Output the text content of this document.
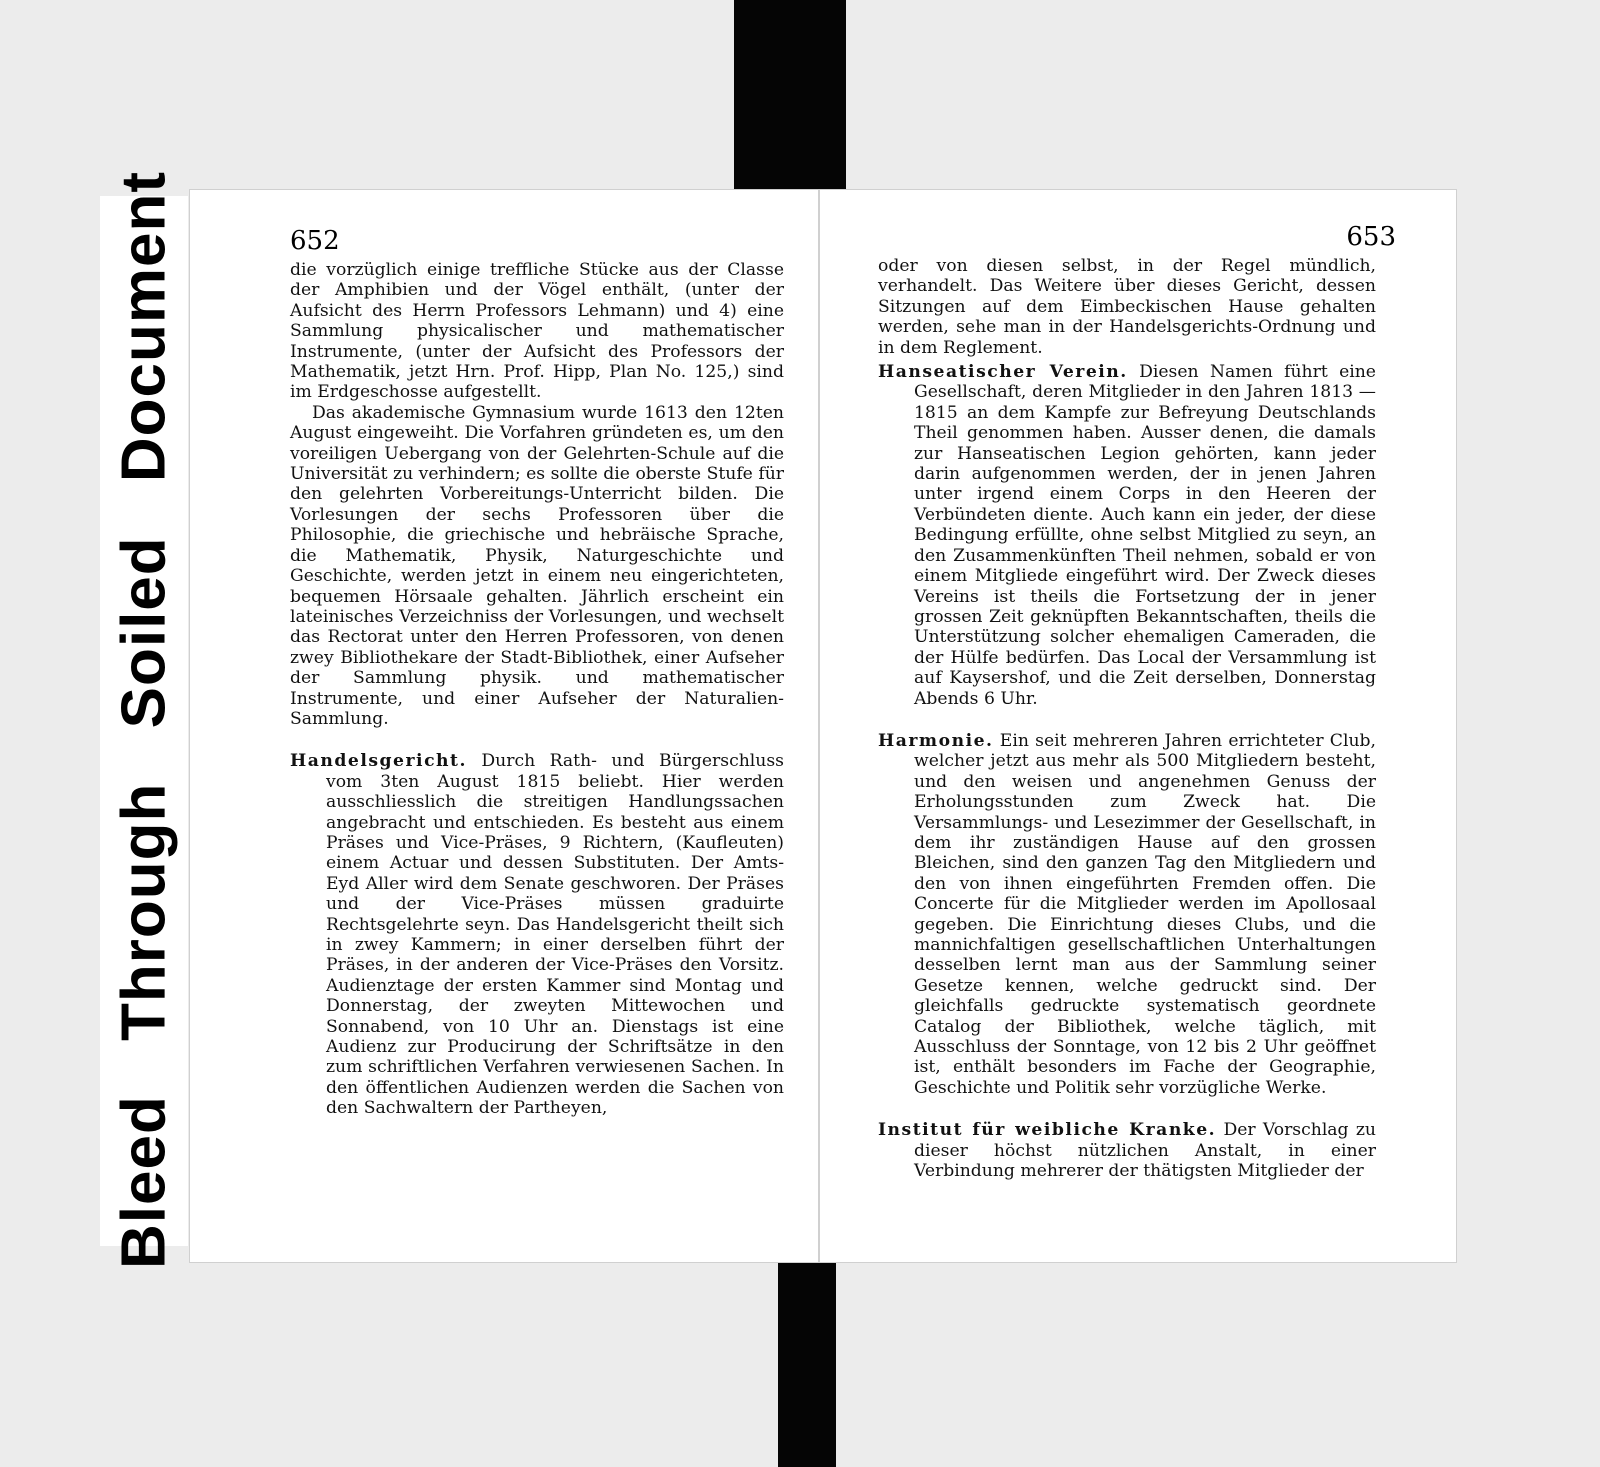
Bleed Through Soiled Document	652

die vorzüglich einige treffliche Stücke aus der Classe der Amphibien und der Vögel enthält, (unter der Aufsicht des Herrn Professors Lehmann) und 4) eine Sammlung physicalischer und mathematischer Instrumente, (unter der Aufsicht des Professors der Mathematik, jetzt Hrn. Prof. Hipp, Plan No. 125,) sind im Erdgeschosse aufgestellt.

Das akademische Gymnasium wurde 1613 den 12ten August eingeweiht. Die Vorfahren gründeten es, um den voreiligen Uebergang von der Gelehrten-Schule auf die Universität zu verhindern; es sollte die oberste Stufe für den gelehrten Vorbereitungs-Unterricht bilden. Die Vorlesungen der sechs Professoren über die Philosophie, die griechische und hebräische Sprache, die Mathematik, Physik, Naturgeschichte und Geschichte, werden jetzt in einem neu eingerichteten, bequemen Hörsaale gehalten. Jährlich erscheint ein lateinisches Verzeichniss der Vorlesungen, und wechselt das Rectorat unter den Herren Professoren, von denen zwey Bibliothekare der Stadt-Bibliothek, einer Aufseher der Sammlung physik. und mathematischer Instrumente, und einer Aufseher der Naturalien-Sammlung.

Handelsgericht. Durch Rath- und Bürgerschluss vom 3ten August 1815 beliebt. Hier werden ausschliesslich die streitigen Handlungssachen angebracht und entschieden. Es besteht aus einem Präses und Vice-Präses, 9 Richtern, (Kaufleuten) einem Actuar und dessen Substituten. Der Amts-Eyd Aller wird dem Senate geschworen. Der Präses und der Vice-Präses müssen graduirte Rechtsgelehrte seyn. Das Handelsgericht theilt sich in zwey Kammern; in einer derselben führt der Präses, in der anderen der Vice-Präses den Vorsitz. Audienztage der ersten Kammer sind Montag und Donnerstag, der zweyten Mittewochen und Sonnabend, von 10 Uhr an. Dienstags ist eine Audienz zur Producirung der Schriftsätze in den zum schriftlichen Verfahren verwiesenen Sachen. In den öffentlichen Audienzen werden die Sachen von den Sachwaltern der Partheyen,

653

oder von diesen selbst, in der Regel mündlich, verhandelt. Das Weitere über dieses Gericht, dessen Sitzungen auf dem Eimbeckischen Hause gehalten werden, sehe man in der Handelsgerichts-Ordnung und in dem Reglement.

Hanseatischer Verein. Diesen Namen führt eine Gesellschaft, deren Mitglieder in den Jahren 1813 — 1815 an dem Kampfe zur Befreyung Deutschlands Theil genommen haben. Ausser denen, die damals zur Hanseatischen Legion gehörten, kann jeder darin aufgenommen werden, der in jenen Jahren unter irgend einem Corps in den Heeren der Verbündeten diente. Auch kann ein jeder, der diese Bedingung erfüllte, ohne selbst Mitglied zu seyn, an den Zusammenkünften Theil nehmen, sobald er von einem Mitgliede eingeführt wird. Der Zweck dieses Vereins ist theils die Fortsetzung der in jener grossen Zeit geknüpften Bekanntschaften, theils die Unterstützung solcher ehemaligen Cameraden, die der Hülfe bedürfen. Das Local der Versammlung ist auf Kaysershof, und die Zeit derselben, Donnerstag Abends 6 Uhr.

Harmonie. Ein seit mehreren Jahren errichteter Club, welcher jetzt aus mehr als 500 Mitgliedern besteht, und den weisen und angenehmen Genuss der Erholungsstunden zum Zweck hat. Die Versammlungs- und Lesezimmer der Gesellschaft, in dem ihr zuständigen Hause auf den grossen Bleichen, sind den ganzen Tag den Mitgliedern und den von ihnen eingeführten Fremden offen. Die Concerte für die Mitglieder werden im Apollosaal gegeben. Die Einrichtung dieses Clubs, und die mannichfaltigen gesellschaftlichen Unterhaltungen desselben lernt man aus der Sammlung seiner Gesetze kennen, welche gedruckt sind. Der gleichfalls gedruckte systematisch geordnete Catalog der Bibliothek, welche täglich, mit Ausschluss der Sonntage, von 12 bis 2 Uhr geöffnet ist, enthält besonders im Fache der Geographie, Geschichte und Politik sehr vorzügliche Werke.

Institut für weibliche Kranke. Der Vorschlag zu dieser höchst nützlichen Anstalt, in einer Verbindung mehrerer der thätigsten Mitglieder der
